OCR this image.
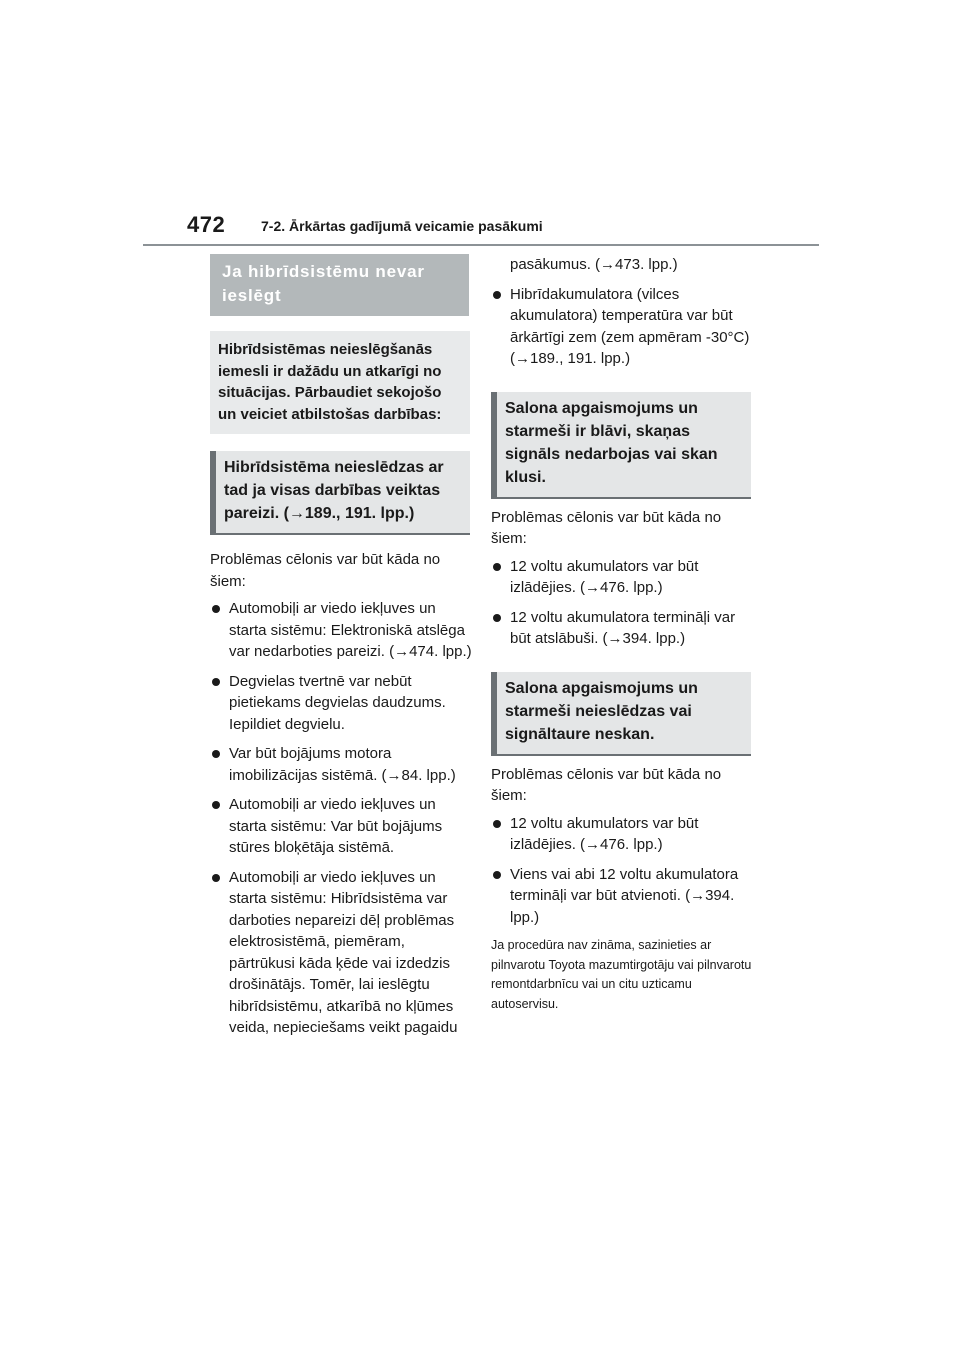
472	7-2. Ārkārtas gadījumā veicamie pasākumi
Ja hibrīdsistēmu nevar ieslēgt
Hibrīdsistēmas neieslēgšanās iemesli ir dažādu un atkarīgi no situācijas. Pārbaudiet sekojošo un veiciet atbilstošas darbības:
Hibrīdsistēma neieslēdzas ar tad ja visas darbības veiktas pareizi. (→189., 191. lpp.)
Problēmas cēlonis var būt kāda no šiem:
Automobiļi ar viedo iekļuves un starta sistēmu: Elektroniskā atslēga var nedarboties pareizi. (→474. lpp.)
Degvielas tvertnē var nebūt pietiekams degvielas daudzums. Iepildiet degvielu.
Var būt bojājums motora imobilizācijas sistēmā. (→84. lpp.)
Automobiļi ar viedo iekļuves un starta sistēmu: Var būt bojājums stūres bloķētāja sistēmā.
Automobiļi ar viedo iekļuves un starta sistēmu: Hibrīdsistēma var darboties nepareizi dēļ problēmas elektrosistēmā, piemēram, pārtrūkusi kāda ķēde vai izdedzis drošinātājs. Tomēr, lai ieslēgtu hibrīdsistēmu, atkarībā no kļūmes veida, nepieciešams veikt pagaidu
pasākumus. (→473. lpp.)
Hibrīdakumulatora (vilces akumulatora) temperatūra var būt ārkārtīgi zem (zem apmēram -30°C) (→189., 191. lpp.)
Salona apgaismojums un starmeši ir blāvi, skaņas signāls nedarbojas vai skan klusi.
Problēmas cēlonis var būt kāda no šiem:
12 voltu akumulators var būt izlādējies. (→476. lpp.)
12 voltu akumulatora termināļi var būt atslābuši. (→394. lpp.)
Salona apgaismojums un starmeši neieslēdzas vai signāltaure neskan.
Problēmas cēlonis var būt kāda no šiem:
12 voltu akumulators var būt izlādējies. (→476. lpp.)
Viens vai abi 12 voltu akumulatora termināļi var būt atvienoti. (→394. lpp.)
Ja procedūra nav zināma, sazinieties ar pilnvarotu Toyota mazumtirgotāju vai pilnvarotu remontdarbnīcu vai un citu uzticamu autoservisu.
